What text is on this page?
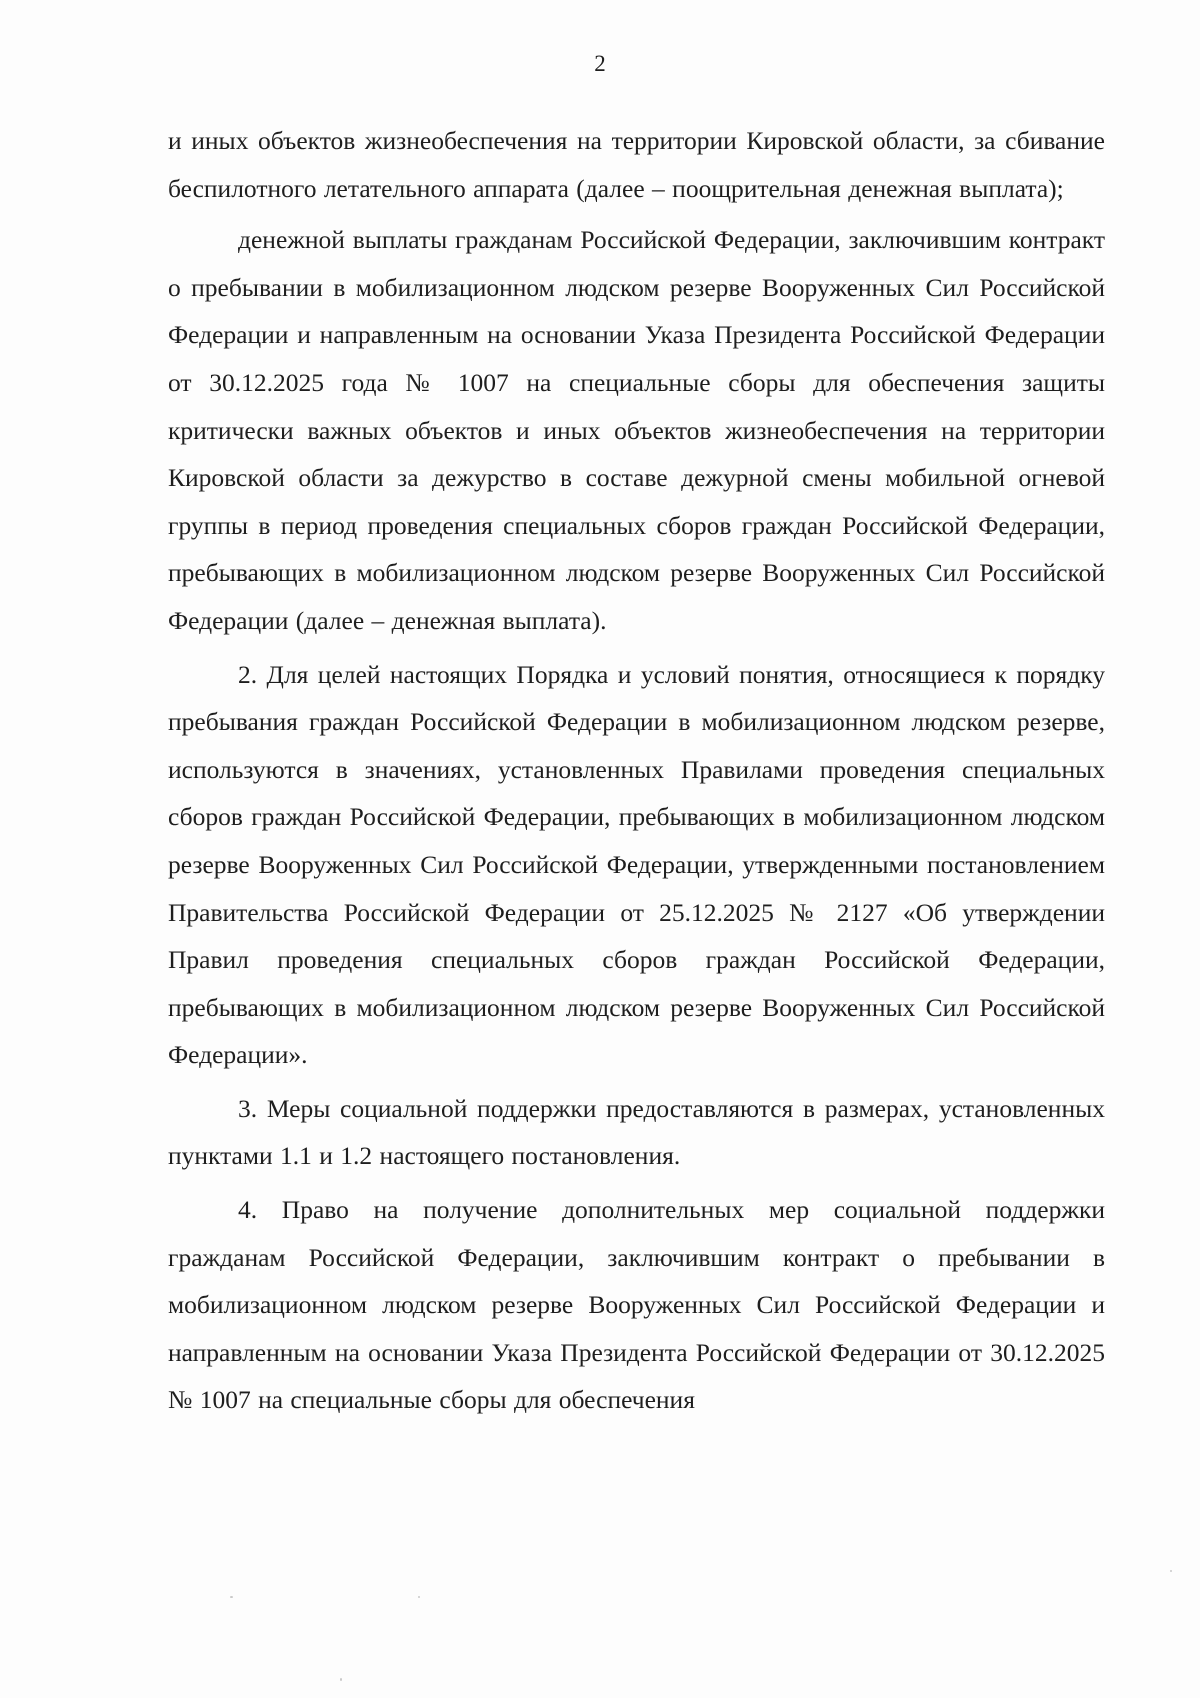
2

и иных объектов жизнеобеспечения на территории Кировской области, за сбивание беспилотного летательного аппарата (далее – поощрительная денежная выплата);

денежной выплаты гражданам Российской Федерации, заключившим контракт о пребывании в мобилизационном людском резерве Вооруженных Сил Российской Федерации и направленным на основании Указа Президента Российской Федерации от 30.12.2025 года № 1007 на специальные сборы для обеспечения защиты критически важных объектов и иных объектов жизнеобеспечения на территории Кировской области за дежурство в составе дежурной смены мобильной огневой группы в период проведения специальных сборов граждан Российской Федерации, пребывающих в мобилизационном людском резерве Вооруженных Сил Российской Федерации (далее – денежная выплата).

2. Для целей настоящих Порядка и условий понятия, относящиеся к порядку пребывания граждан Российской Федерации в мобилизационном людском резерве, используются в значениях, установленных Правилами проведения специальных сборов граждан Российской Федерации, пребывающих в мобилизационном людском резерве Вооруженных Сил Российской Федерации, утвержденными постановлением Правительства Российской Федерации от 25.12.2025 № 2127 «Об утверждении Правил проведения специальных сборов граждан Российской Федерации, пребывающих в мобилизационном людском резерве Вооруженных Сил Российской Федерации».

3. Меры социальной поддержки предоставляются в размерах, установленных пунктами 1.1 и 1.2 настоящего постановления.

4. Право на получение дополнительных мер социальной поддержки гражданам Российской Федерации, заключившим контракт о пребывании в мобилизационном людском резерве Вооруженных Сил Российской Федерации и направленным на основании Указа Президента Российской Федерации от 30.12.2025 № 1007 на специальные сборы для обеспечения
